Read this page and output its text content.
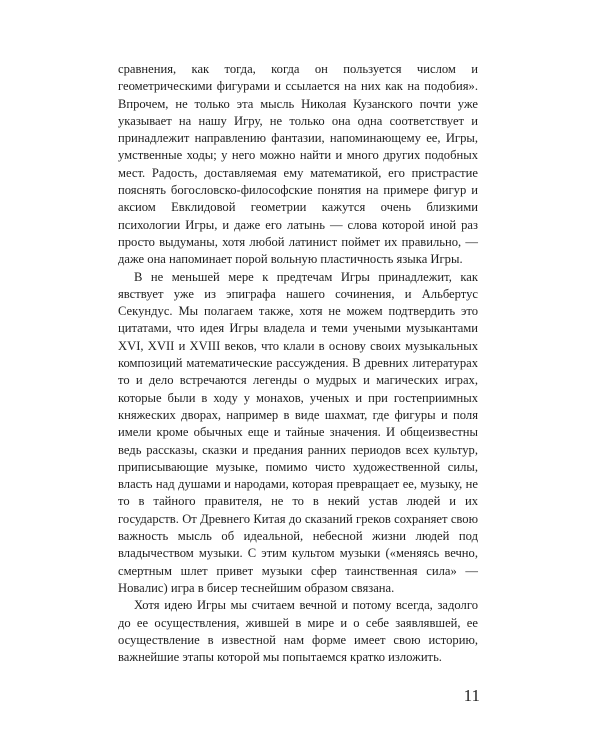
сравнения, как тогда, когда он пользуется числом и геометрическими фигурами и ссылается на них как на подобия». Впрочем, не только эта мысль Николая Кузанского почти уже указывает на нашу Игру, не только она одна соответствует и принадлежит направлению фантазии, напоминающему ее, Игры, умственные ходы; у него можно найти и много других подобных мест. Радость, доставляемая ему математикой, его пристрастие пояснять богословско-философские понятия на примере фигур и аксиом Евклидовой геометрии кажутся очень близкими психологии Игры, и даже его латынь — слова которой иной раз просто выдуманы, хотя любой латинист поймет их правильно, — даже она напоминает порой вольную пластичность языка Игры.

В не меньшей мере к предтечам Игры принадлежит, как явствует уже из эпиграфа нашего сочинения, и Альбертус Секундус. Мы полагаем также, хотя не можем подтвердить это цитатами, что идея Игры владела и теми учеными музыкантами XVI, XVII и XVIII веков, что клали в основу своих музыкальных композиций математические рассуждения. В древних литературах то и дело встречаются легенды о мудрых и магических играх, которые были в ходу у монахов, ученых и при гостеприимных княжеских дворах, например в виде шахмат, где фигуры и поля имели кроме обычных еще и тайные значения. И общеизвестны ведь рассказы, сказки и предания ранних периодов всех культур, приписывающие музыке, помимо чисто художественной силы, власть над душами и народами, которая превращает ее, музыку, не то в тайного правителя, не то в некий устав людей и их государств. От Древнего Китая до сказаний греков сохраняет свою важность мысль об идеальной, небесной жизни людей под владычеством музыки. С этим культом музыки («меняясь вечно, смертным шлет привет музыки сфер таинственная сила» — Новалис) игра в бисер теснейшим образом связана.

Хотя идею Игры мы считаем вечной и потому всегда, задолго до ее осуществления, жившей в мире и о себе заявлявшей, ее осуществление в известной нам форме имеет свою историю, важнейшие этапы которой мы попытаемся кратко изложить.

11
